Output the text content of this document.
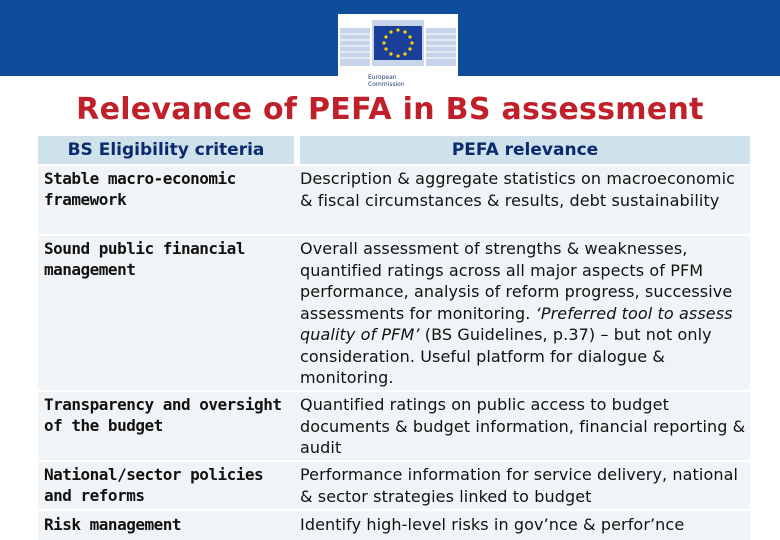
European
Commission
Relevance of PEFA in BS assessment
BS Eligibility criteria	PEFA relevance
Stable macro-economic framework
Description & aggregate statistics on macroeconomic & fiscal circumstances & results, debt sustainability
Sound public financial management
Overall assessment of strengths & weaknesses, quantified ratings across all major aspects of PFM performance, analysis of reform progress, successive assessments for monitoring. ‘Preferred tool to assess quality of PFM’ (BS Guidelines, p.37) – but not only consideration. Useful platform for dialogue & monitoring.
Transparency and oversight of the budget
Quantified ratings on public access to budget documents & budget information, financial reporting & audit
National/sector policies and reforms
Performance information for service delivery, national & sector strategies linked to budget
Risk management	Identify high-level risks in gov’nce & perfor’nce
